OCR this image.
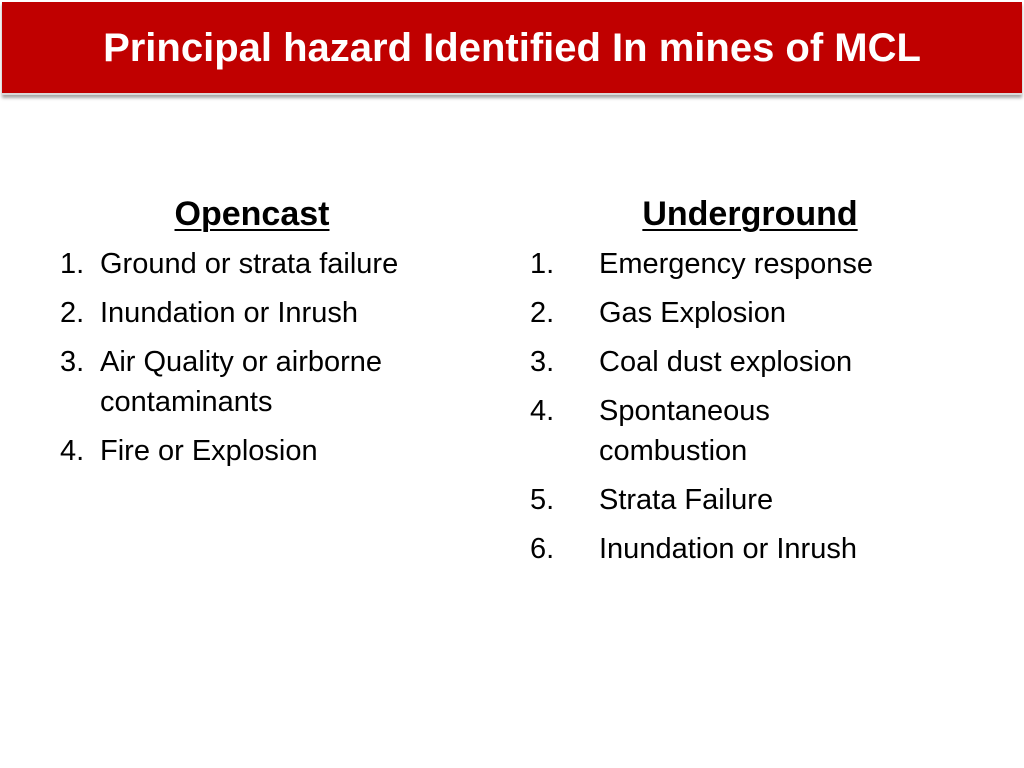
Principal hazard Identified In mines of MCL
Opencast
1. Ground or strata failure
2. Inundation or Inrush
3. Air Quality or airborne contaminants
4. Fire or Explosion
Underground
1.	Emergency response
2.	Gas Explosion
3.	Coal dust explosion
4.	Spontaneous combustion
5.	Strata Failure
6.	Inundation or Inrush
